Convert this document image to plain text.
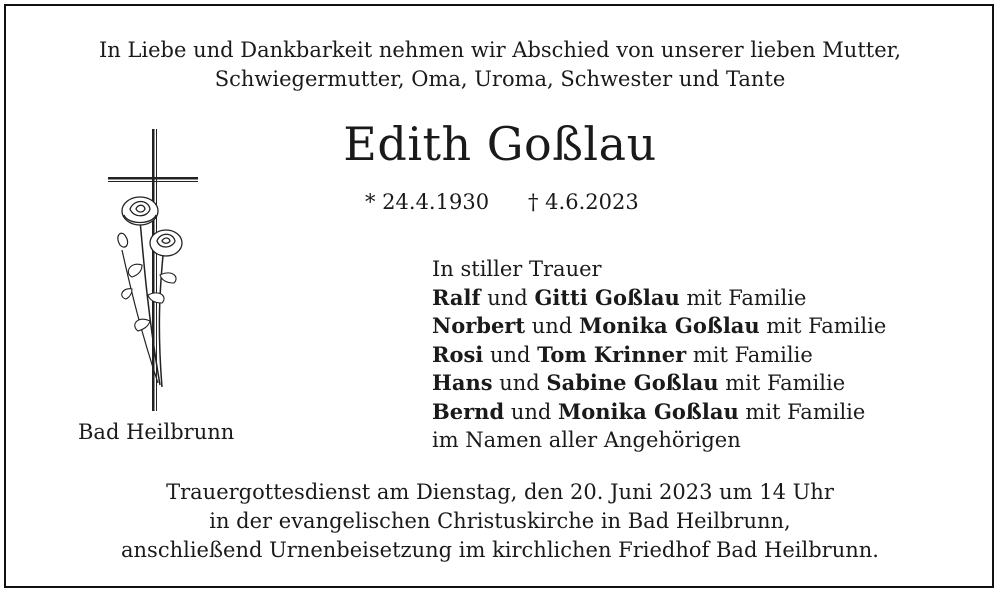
In Liebe und Dankbarkeit nehmen wir Abschied von unserer lieben Mutter,
Schwiegermutter, Oma, Uroma, Schwester und Tante
Edith Goßlau
* 24.4.1930 † 4.6.2023
Bad Heilbrunn
In stiller Trauer
Ralf und Gitti Goßlau mit Familie
Norbert und Monika Goßlau mit Familie
Rosi und Tom Krinner mit Familie
Hans und Sabine Goßlau mit Familie
Bernd und Monika Goßlau mit Familie
im Namen aller Angehörigen
Trauergottesdienst am Dienstag, den 20. Juni 2023 um 14 Uhr
in der evangelischen Christuskirche in Bad Heilbrunn,
anschließend Urnenbeisetzung im kirchlichen Friedhof Bad Heilbrunn.
